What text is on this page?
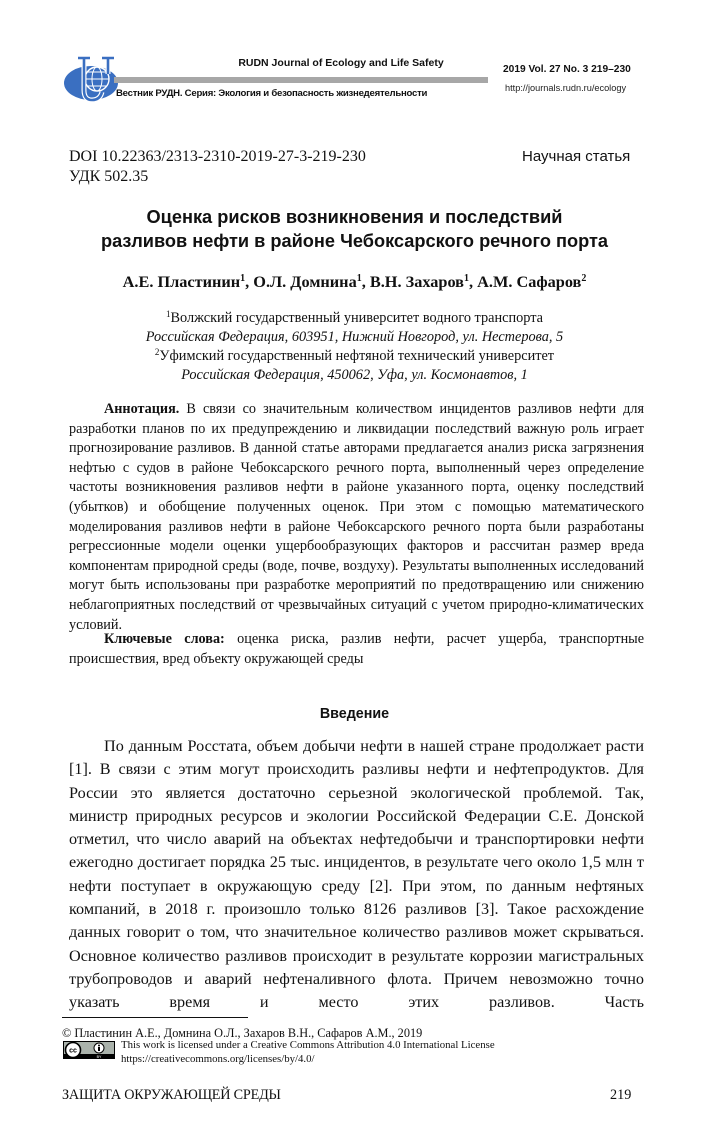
RUDN Journal of Ecology and Life Safety
Вестник РУДН. Серия: Экология и безопасность жизнедеятельности
2019 Vol. 27 No. 3 219–230
http://journals.rudn.ru/ecology
DOI 10.22363/2313-2310-2019-27-3-219-230
УДК 502.35
Научная статья
Оценка рисков возникновения и последствий
разливов нефти в районе Чебоксарского речного порта
А.Е. Пластинин$^1$, О.Л. Домнина$^1$, В.Н. Захаров$^1$, А.М. Сафаров$^2$
$^1$Волжский государственный университет водного транспорта
Российская Федерация, 603951, Нижний Новгород, ул. Нестерова, 5
$^2$Уфимский государственный нефтяной технический университет
Российская Федерация, 450062, Уфа, ул. Космонавтов, 1
Аннотация. В связи со значительным количеством инцидентов разливов нефти для разработки планов по их предупреждению и ликвидации последствий важную роль играет прогнозирование разливов. В данной статье авторами предлагается анализ риска загрязнения нефтью с судов в районе Чебоксарского речного порта, выполненный через определение частоты возникновения разливов нефти в районе указанного порта, оценку последствий (убытков) и обобщение полученных оценок. При этом с помощью математического моделирования разливов нефти в районе Чебоксарского речного порта были разработаны регрессионные модели оценки ущербообразующих факторов и рассчитан размер вреда компонентам природной среды (воде, почве, воздуху). Результаты выполненных исследований могут быть использованы при разработке мероприятий по предотвращению или снижению неблагоприятных последствий от чрезвычайных ситуаций с учетом природно-климатических условий.
Ключевые слова: оценка риска, разлив нефти, расчет ущерба, транспортные происшествия, вред объекту окружающей среды
Введение
По данным Росстата, объем добычи нефти в нашей стране продолжает расти [1]. В связи с этим могут происходить разливы нефти и нефтепродуктов. Для России это является достаточно серьезной экологической проблемой. Так, министр природных ресурсов и экологии Российской Федерации С.Е. Донской отметил, что число аварий на объектах нефтедобычи и транспортировки нефти ежегодно достигает порядка 25 тыс. инцидентов, в результате чего около 1,5 млн т нефти поступает в окружающую среду [2]. При этом, по данным нефтяных компаний, в 2018 г. произошло только 8126 разливов [3]. Такое расхождение данных говорит о том, что значительное количество разливов может скрываться. Основное количество разливов происходит в результате коррозии магистральных трубопроводов и аварий нефтеналивного флота. Причем невозможно точно указать время и место этих разливов. Часть
© Пластинин А.Е., Домнина О.Л., Захаров В.Н., Сафаров А.М., 2019
cc
BY
This work is licensed under a Creative Commons Attribution 4.0 International License
https://creativecommons.org/licenses/by/4.0/
ЗАЩИТА ОКРУЖАЮЩЕЙ СРЕДЫ	219
